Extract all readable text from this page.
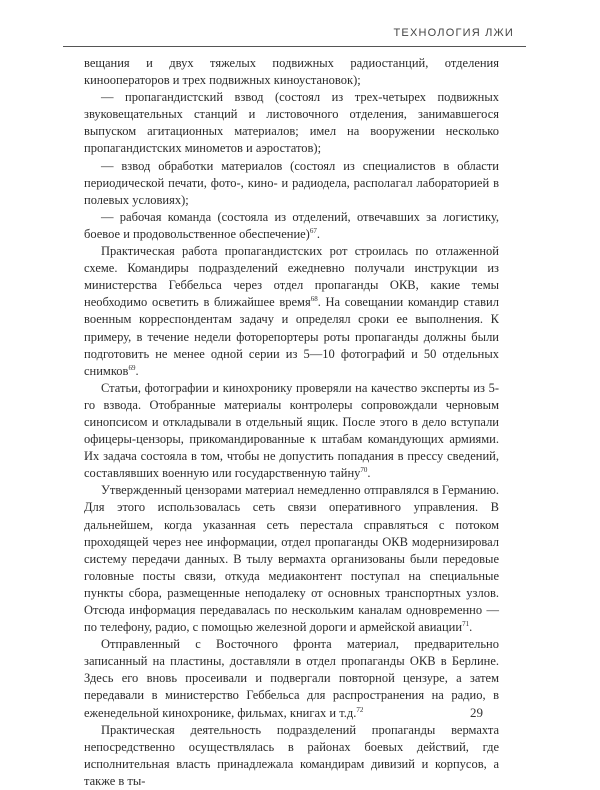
ТЕХНОЛОГИЯ ЛЖИ

вещания и двух тяжелых подвижных радиостанций, отделения кинооператоров и трех подвижных киноустановок);

— пропагандистский взвод (состоял из трех-четырех подвижных звуковещательных станций и листовочного отделения, занимавшегося выпуском агитационных материалов; имел на вооружении несколько пропагандистских минометов и аэростатов);

— взвод обработки материалов (состоял из специалистов в области периодической печати, фото-, кино- и радиодела, располагал лабораторией в полевых условиях);

— рабочая команда (состояла из отделений, отвечавших за логистику, боевое и продовольственное обеспечение)$^{67}$.

Практическая работа пропагандистских рот строилась по отлаженной схеме. Командиры подразделений ежедневно получали инструкции из министерства Геббельса через отдел пропаганды ОКВ, какие темы необходимо осветить в ближайшее время$^{68}$. На совещании командир ставил военным корреспондентам задачу и определял сроки ее выполнения. К примеру, в течение недели фоторепортеры роты пропаганды должны были подготовить не менее одной серии из 5—10 фотографий и 50 отдельных снимков$^{69}$.

Статьи, фотографии и кинохронику проверяли на качество эксперты из 5-го взвода. Отобранные материалы контролеры сопровождали черновым синопсисом и откладывали в отдельный ящик. После этого в дело вступали офицеры-цензоры, прикомандированные к штабам командующих армиями. Их задача состояла в том, чтобы не допустить попадания в прессу сведений, составлявших военную или государственную тайну$^{70}$.

Утвержденный цензорами материал немедленно отправлялся в Германию. Для этого использовалась сеть связи оперативного управления. В дальнейшем, когда указанная сеть перестала справляться с потоком проходящей через нее информации, отдел пропаганды ОКВ модернизировал систему передачи данных. В тылу вермахта организованы были передовые головные посты связи, откуда медиаконтент поступал на специальные пункты сбора, размещенные неподалеку от основных транспортных узлов. Отсюда информация передавалась по нескольким каналам одновременно — по телефону, радио, с помощью железной дороги и армейской авиации$^{71}$.

Отправленный с Восточного фронта материал, предварительно записанный на пластины, доставляли в отдел пропаганды ОКВ в Берлине. Здесь его вновь просеивали и подвергали повторной цензуре, а затем передавали в министерство Геббельса для распространения на радио, в еженедельной кинохронике, фильмах, книгах и т.д.$^{72}$

Практическая деятельность подразделений пропаганды вермахта непосредственно осуществлялась в районах боевых действий, где исполнительная власть принадлежала командирам дивизий и корпусов, а также в ты-

29
